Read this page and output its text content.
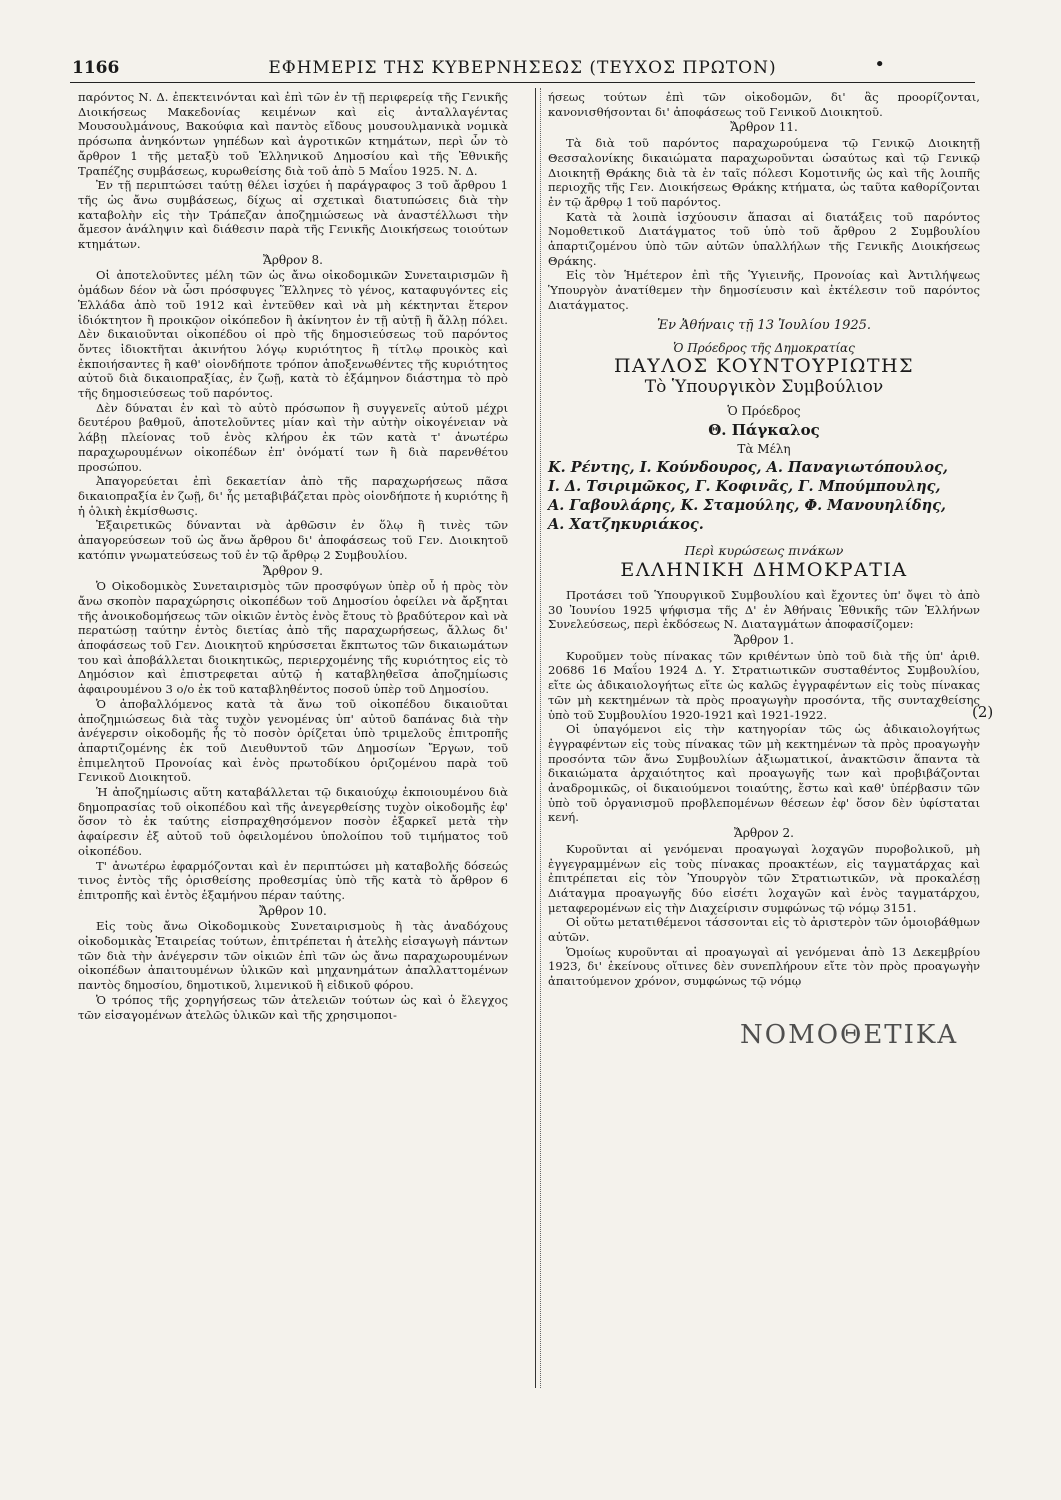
1166	ΕΦΗΜΕΡΙΣ ΤΗΣ ΚΥΒΕΡΝΗΣΕΩΣ (ΤΕΥΧΟΣ ΠΡΩΤΟΝ)	•

παρόντος Ν. Δ. ἐπεκτεινόνται καὶ ἐπὶ τῶν ἐν τῇ περιφερείᾳ τῆς Γενικῆς Διοικήσεως Μακεδονίας κειμένων καὶ εἰς ἀνταλλαγέντας Μουσουλμάνους, Βακούφια καὶ παντὸς εἴδους μουσουλμανικὰ νομικὰ πρόσωπα ἀνηκόντων γηπέδων καὶ ἀγροτικῶν κτημάτων, περὶ ὧν τὸ ἄρθρον 1 τῆς μεταξὺ τοῦ Ἑλληνικοῦ Δημοσίου καὶ τῆς Ἐθνικῆς Τραπέζης συμβάσεως, κυρωθείσης διὰ τοῦ ἀπὸ 5 Μαΐου 1925. Ν. Δ.

Ἐν τῇ περιπτώσει ταύτῃ θέλει ἰσχύει ἡ παράγραφος 3 τοῦ ἄρθρου 1 τῆς ὡς ἄνω συμβάσεως, δίχως αἱ σχετικαὶ διατυπώσεις διὰ τὴν καταβολὴν εἰς τὴν Τράπεζαν ἀποζημιώσεως νὰ ἀναστέλλωσι τὴν ἄμεσον ἀνάληψιν καὶ διάθεσιν παρὰ τῆς Γενικῆς Διοικήσεως τοιούτων κτημάτων.

Ἄρθρον 8.

Οἱ ἀποτελοῦντες μέλη τῶν ὡς ἄνω οἰκοδομικῶν Συνεταιρισμῶν ἢ ὁμάδων δέον νὰ ὦσι πρόσφυγες Ἕλληνες τὸ γένος, καταφυγόντες εἰς Ἑλλάδα ἀπὸ τοῦ 1912 καὶ ἐντεῦθεν καὶ νὰ μὴ κέκτηνται ἕτερον ἰδιόκτητον ἢ προικῷον οἰκόπεδον ἢ ἀκίνητον ἐν τῇ αὐτῇ ἢ ἄλλῃ πόλει. Δὲν δικαιοῦνται οἰκοπέδου οἱ πρὸ τῆς δημοσιεύσεως τοῦ παρόντος ὄντες ἰδιοκτῆται ἀκινήτου λόγῳ κυριότητος ἢ τίτλῳ προικὸς καὶ ἐκποιήσαντες ἢ καθ' οἱονδήποτε τρόπον ἀποξενωθέντες τῆς κυριότητος αὐτοῦ διὰ δικαιοπραξίας, ἐν ζωῇ, κατὰ τὸ ἑξάμηνον διάστημα τὸ πρὸ τῆς δημοσιεύσεως τοῦ παρόντος.

Δὲν δύναται ἐν καὶ τὸ αὐτὸ πρόσωπον ἢ συγγενεῖς αὐτοῦ μέχρι δευτέρου βαθμοῦ, ἀποτελοῦντες μίαν καὶ τὴν αὐτὴν οἰκογένειαν νὰ λάβῃ πλείονας τοῦ ἑνὸς κλήρου ἐκ τῶν κατὰ τ' ἀνωτέρω παραχωρουμένων οἰκοπέδων ἐπ' ὀνόματί των ἢ διὰ παρενθέτου προσώπου.

Ἀπαγορεύεται ἐπὶ δεκαετίαν ἀπὸ τῆς παραχωρήσεως πᾶσα δικαιοπραξία ἐν ζωῇ, δι' ἧς μεταβιβάζεται πρὸς οἱονδήποτε ἡ κυριότης ἢ ἡ ὁλικὴ ἐκμίσθωσις.

Ἐξαιρετικῶς δύνανται νὰ ἀρθῶσιν ἐν ὅλῳ ἢ τινὲς τῶν ἀπαγορεύσεων τοῦ ὡς ἄνω ἄρθρου δι' ἀποφάσεως τοῦ Γεν. Διοικητοῦ κατόπιν γνωματεύσεως τοῦ ἐν τῷ ἄρθρῳ 2 Συμβουλίου.

Ἄρθρον 9.

Ὁ Οἰκοδομικὸς Συνεταιρισμὸς τῶν προσφύγων ὑπὲρ οὗ ἡ πρὸς τὸν ἄνω σκοπὸν παραχώρησις οἰκοπέδων τοῦ Δημοσίου ὀφείλει νὰ ἄρξηται τῆς ἀνοικοδομήσεως τῶν οἰκιῶν ἐντὸς ἑνὸς ἔτους τὸ βραδύτερον καὶ νὰ περατώσῃ ταύτην ἐντὸς διετίας ἀπὸ τῆς παραχωρήσεως, ἄλλως δι' ἀποφάσεως τοῦ Γεν. Διοικητοῦ κηρύσσεται ἔκπτωτος τῶν δικαιωμάτων του καὶ ἀποβάλλεται διοικητικῶς, περιερχομένης τῆς κυριότητος εἰς τὸ Δημόσιον καὶ ἐπιστρεφεται αὐτῷ ἡ καταβληθεῖσα ἀποζημίωσις ἀφαιρουμένου 3 ο/ο ἐκ τοῦ καταβληθέντος ποσοῦ ὑπὲρ τοῦ Δημοσίου.

Ὁ ἀποβαλλόμενος κατὰ τὰ ἄνω τοῦ οἰκοπέδου δικαιοῦται ἀποζημιώσεως διὰ τὰς τυχὸν γενομένας ὑπ' αὐτοῦ δαπάνας διὰ τὴν ἀνέγερσιν οἰκοδομῆς ἧς τὸ ποσὸν ὁρίζεται ὑπὸ τριμελοῦς ἐπιτροπῆς ἀπαρτιζομένης ἐκ τοῦ Διευθυντοῦ τῶν Δημοσίων Ἔργων, τοῦ ἐπιμελητοῦ Προνοίας καὶ ἑνὸς πρωτοδίκου ὁριζομένου παρὰ τοῦ Γενικοῦ Διοικητοῦ.

Ἡ ἀποζημίωσις αὕτη καταβάλλεται τῷ δικαιούχῳ ἐκποιουμένου διὰ δημοπρασίας τοῦ οἰκοπέδου καὶ τῆς ἀνεγερθείσης τυχὸν οἰκοδομῆς ἐφ' ὅσον τὸ ἐκ ταύτης εἰσπραχθησόμενον ποσὸν ἐξαρκεῖ μετὰ τὴν ἀφαίρεσιν ἐξ αὐτοῦ τοῦ ὀφειλομένου ὑπολοίπου τοῦ τιμήματος τοῦ οἰκοπέδου.

Τ' ἀνωτέρω ἐφαρμόζονται καὶ ἐν περιπτώσει μὴ καταβολῆς δόσεώς τινος ἐντὸς τῆς ὁρισθείσης προθεσμίας ὑπὸ τῆς κατὰ τὸ ἄρθρον 6 ἐπιτροπῆς καὶ ἐντὸς ἑξαμήνου πέραν ταύτης.

Ἄρθρον 10.

Εἰς τοὺς ἄνω Οἰκοδομικοὺς Συνεταιρισμοὺς ἢ τὰς ἀναδόχους οἰκοδομικὰς Ἑταιρείας τούτων, ἐπιτρέπεται ἡ ἀτελὴς εἰσαγωγὴ πάντων τῶν διὰ τὴν ἀνέγερσιν τῶν οἰκιῶν ἐπὶ τῶν ὡς ἄνω παραχωρουμένων οἰκοπέδων ἀπαιτουμένων ὑλικῶν καὶ μηχανημάτων ἀπαλλαττομένων παντὸς δημοσίου, δημοτικοῦ, λιμενικοῦ ἢ εἰδικοῦ φόρου.

Ὁ τρόπος τῆς χορηγήσεως τῶν ἀτελειῶν τούτων ὡς καὶ ὁ ἔλεγχος τῶν εἰσαγομένων ἀτελῶς ὑλικῶν καὶ τῆς χρησιμοποι-

ήσεως τούτων ἐπὶ τῶν οἰκοδομῶν, δι' ἃς προορίζονται, κανονισθήσονται δι' ἀποφάσεως τοῦ Γενικοῦ Διοικητοῦ.

Ἄρθρον 11.

Τὰ διὰ τοῦ παρόντος παραχωρούμενα τῷ Γενικῷ Διοικητῇ Θεσσαλονίκης δικαιώματα παραχωροῦνται ὡσαύτως καὶ τῷ Γενικῷ Διοικητῇ Θράκης διὰ τὰ ἐν ταῖς πόλεσι Κομοτινῆς ὡς καὶ τῆς λοιπῆς περιοχῆς τῆς Γεν. Διοικήσεως Θράκης κτήματα, ὡς ταῦτα καθορίζονται ἐν τῷ ἄρθρῳ 1 τοῦ παρόντος.

Κατὰ τὰ λοιπὰ ἰσχύουσιν ἅπασαι αἱ διατάξεις τοῦ παρόντος Νομοθετικοῦ Διατάγματος τοῦ ὑπὸ τοῦ ἄρθρου 2 Συμβουλίου ἀπαρτιζομένου ὑπὸ τῶν αὐτῶν ὑπαλλήλων τῆς Γενικῆς Διοικήσεως Θράκης.

Εἰς τὸν Ἡμέτερον ἐπὶ τῆς Ὑγιεινῆς, Προνοίας καὶ Ἀντιλήψεως Ὑπουργὸν ἀνατίθεμεν τὴν δημοσίευσιν καὶ ἐκτέλεσιν τοῦ παρόντος Διατάγματος.

Ἐν Ἀθήναις τῇ 13 Ἰουλίου 1925.
Ὁ Πρόεδρος τῆς Δημοκρατίας
ΠΑΥΛΟΣ ΚΟΥΝΤΟΥΡΙΩΤΗΣ
Τὸ Ὑπουργικὸν Συμβούλιον
Ὁ Πρόεδρος
Θ. Πάγκαλος
Τὰ Μέλη
Κ. Ρέντης, Ι. Κούνδουρος, Α. Παναγιωτόπουλος,
Ι. Δ. Τσιριμῶκος, Γ. Κοφινᾶς, Γ. Μπούμπουλης,
Α. Γαβουλάρης, Κ. Σταμούλης, Φ. Μανουηλίδης,
Α. Χατζηκυριάκος.
Περὶ κυρώσεως πινάκων
ΕΛΛΗΝΙΚΗ ΔΗΜΟΚΡΑΤΙΑ

Προτάσει τοῦ Ὑπουργικοῦ Συμβουλίου καὶ ἔχοντες ὑπ' ὄψει τὸ ἀπὸ 30 Ἰουνίου 1925 ψήφισμα τῆς Δ' ἐν Ἀθήναις Ἐθνικῆς τῶν Ἑλλήνων Συνελεύσεως, περὶ ἐκδόσεως Ν. Διαταγμάτων ἀποφασίζομεν:

Ἄρθρον 1.

Κυροῦμεν τοὺς πίνακας τῶν κριθέντων ὑπὸ τοῦ διὰ τῆς ὑπ' ἀριθ. 20686 16 Μαΐου 1924 Δ. Υ. Στρατιωτικῶν συσταθέντος Συμβουλίου, εἴτε ὡς ἀδικαιολογήτως εἴτε ὡς καλῶς ἐγγραφέντων εἰς τοὺς πίνακας τῶν μὴ κεκτημένων τὰ πρὸς προαγωγὴν προσόντα, τῆς συνταχθείσης ὑπὸ τοῦ Συμβουλίου 1920-1921 καὶ 1921-1922.

Οἱ ὑπαγόμενοι εἰς τὴν κατηγορίαν τῶς ὡς ἀδικαιολογήτως ἐγγραφέντων εἰς τοὺς πίνακας τῶν μὴ κεκτημένων τὰ πρὸς προαγωγὴν προσόντα τῶν ἄνω Συμβουλίων ἀξιωματικοί, ἀνακτῶσιν ἅπαντα τὰ δικαιώματα ἀρχαιότητος καὶ προαγωγῆς των καὶ προβιβάζονται ἀναδρομικῶς, οἱ δικαιούμενοι τοιαύτης, ἔστω καὶ καθ' ὑπέρβασιν τῶν ὑπὸ τοῦ ὀργανισμοῦ προβλεπομένων θέσεων ἐφ' ὅσον δὲν ὑφίσταται κενή.

Ἄρθρον 2.

Κυροῦνται αἱ γενόμεναι προαγωγαὶ λοχαγῶν πυροβολικοῦ, μὴ ἐγγεγραμμένων εἰς τοὺς πίνακας προακτέων, εἰς ταγματάρχας καὶ ἐπιτρέπεται εἰς τὸν Ὑπουργὸν τῶν Στρατιωτικῶν, νὰ προκαλέσῃ Διάταγμα προαγωγῆς δύο εἰσέτι λοχαγῶν καὶ ἑνὸς ταγματάρχου, μεταφερομένων εἰς τὴν Διαχείρισιν συμφώνως τῷ νόμῳ 3151.

Οἱ οὕτω μετατιθέμενοι τάσσονται εἰς τὸ ἀριστερὸν τῶν ὁμοιοβάθμων αὐτῶν.

Ὁμοίως κυροῦνται αἱ προαγωγαὶ αἱ γενόμεναι ἀπὸ 13 Δεκεμβρίου 1923, δι' ἐκείνους οἵτινες δὲν συνεπλήρουν εἴτε τὸν πρὸς προαγωγὴν ἀπαιτούμενον χρόνον, συμφώνως τῷ νόμῳ

(2)
ΝΟΜΟΘΕΤΙΚΑ
